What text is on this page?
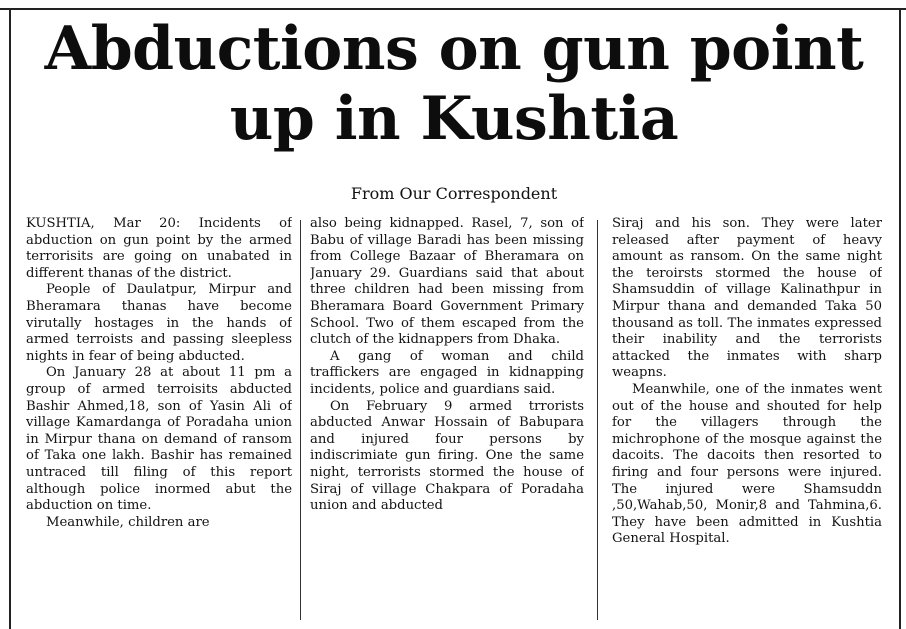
Abductions on gun point
up in Kushtia
From Our Correspondent

KUSHTIA, Mar 20: Incidents of abduction on gun point by the armed terrorisits are going on unabated in different thanas of the district.

People of Daulatpur, Mirpur and Bheramara thanas have become virutally hostages in the hands of armed terroists and passing sleepless nights in fear of being abducted.

On January 28 at about 11 pm a group of armed terroisits abducted Bashir Ahmed,18, son of Yasin Ali of village Kamardanga of Poradaha union in Mirpur thana on demand of ransom of Taka one lakh. Bashir has remained untraced till filing of this report although police inormed abut the abduction on time.

Meanwhile, children are

also being kidnapped. Rasel, 7, son of Babu of village Baradi has been missing from College Bazaar of Bheramara on January 29. Guardians said that about three children had been missing from Bheramara Board Government Primary School. Two of them escaped from the clutch of the kidnappers from Dhaka.

A gang of woman and child traffickers are engaged in kidnapping incidents, police and guardians said.

On February 9 armed trrorists abducted Anwar Hossain of Babupara and injured four persons by indiscrimiate gun firing. One the same night, terrorists stormed the house of Siraj of village Chakpara of Poradaha union and abducted

Siraj and his son. They were later released after payment of heavy amount as ransom. On the same night the teroirsts stormed the house of Shamsuddin of village Kalinathpur in Mirpur thana and demanded Taka 50 thousand as toll. The inmates expressed their inability and the terrorists attacked the inmates with sharp weapns.

Meanwhile, one of the inmates went out of the house and shouted for help for the villagers through the michrophone of the mosque against the dacoits. The dacoits then resorted to firing and four persons were injured. The injured were Shamsuddn ,50,Wahab,50, Monir,8 and Tahmina,6. They have been admitted in Kushtia General Hospital.
